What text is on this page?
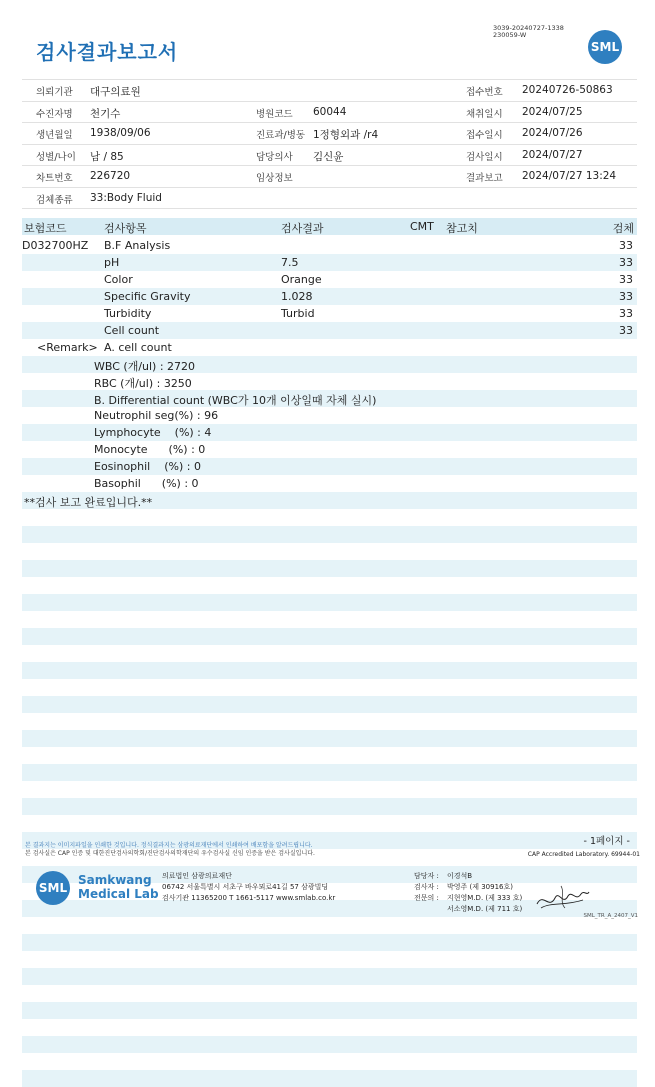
검사결과보고서
3039-20240727-1338
230059-W
SML
의뢰기관 대구의료원	접수번호 20240726-50863
수진자명 천기수	병원코드 60044	채취일시 2024/07/25
생년월일 1938/09/06	진료과/병동 1정형외과 /r4	접수일시 2024/07/26
성별/나이 남 / 85	담당의사 김신윤	검사일시 2024/07/27
차트번호 226720	임상정보	결과보고 2024/07/27 13:24
검체종류 33:Body Fluid
보험코드	검사항목	검사결과	CMT 참고치	검체
D032700HZ B.F Analysis	33
pH	7.5	33
Color	Orange	33
Specific Gravity	1.028	33
Turbidity	Turbid	33
Cell count	33
<Remark> A. cell count
WBC (개/ul) : 2720
RBC (개/ul) : 3250
B. Differential count (WBC가 10개 이상일때 자체 실시)
Neutrophil seg(%) : 96
Lymphocyte    (%) : 4
Monocyte      (%) : 0
Eosinophil    (%) : 0
Basophil      (%) : 0
**검사 보고 완료입니다.**
- 1페이지 -
본 결과지는 이미지파일을 인쇄한 것입니다. 정식결과지는 삼광의료재단에서 인쇄하여 배포함을 알려드립니다.
본 검사실은 CAP 인증 및 대한진단검사의학회/진단검사의학재단의 우수검사실 신임 인증을 받은 검사실입니다.	CAP Accredited Laboratory. 69944-01
SML
Samkwang
Medical Lab
의료법인 삼광의료재단
06742 서울특별시 서초구 바우뫼로41길 57 삼광빌딩
검사기관 11365200 T 1661-5117 www.smlab.co.kr
담당자 : 이경석B
검사자 : 박영주 (제 30916호)
전문의 : 지현영M.D. (제 333 호)
서소영M.D. (제 711 호)
SML_TR_A_2407_V1
